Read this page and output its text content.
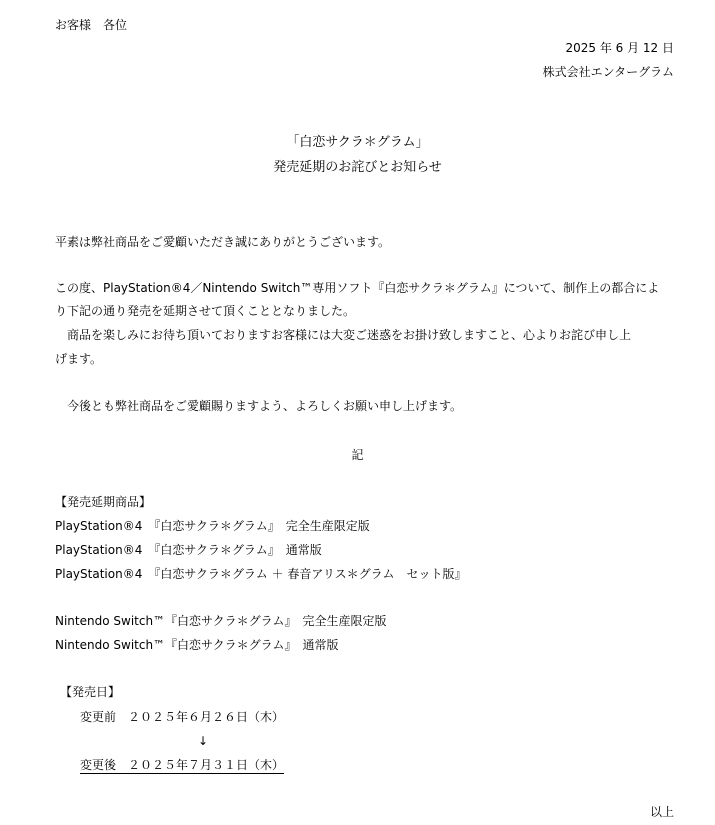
お客様　各位
2025 年 6 月 12 日
株式会社エンターグラム
「白恋サクラ＊グラム」
発売延期のお詫びとお知らせ
平素は弊社商品をご愛顧いただき誠にありがとうございます。
この度、PlayStation®4／Nintendo Switch™専用ソフト『白恋サクラ＊グラム』について、制作上の都合によ
り下記の通り発売を延期させて頂くこととなりました。
　商品を楽しみにお待ち頂いておりますお客様には大変ご迷惑をお掛け致しますこと、心よりお詫び申し上
げます。
　今後とも弊社商品をご愛顧賜りますよう、よろしくお願い申し上げます。
記
【発売延期商品】
PlayStation®4　『白恋サクラ＊グラム』　完全生産限定版
PlayStation®4　『白恋サクラ＊グラム』　通常版
PlayStation®4　『白恋サクラ＊グラム ＋ 春音アリス＊グラム　セット版』
Nintendo Switch™『白恋サクラ＊グラム』　完全生産限定版
Nintendo Switch™『白恋サクラ＊グラム』　通常版
【発売日】
変更前　２０２５年６月２６日（木）
↓
変更後　２０２５年７月３１日（木）
以上
